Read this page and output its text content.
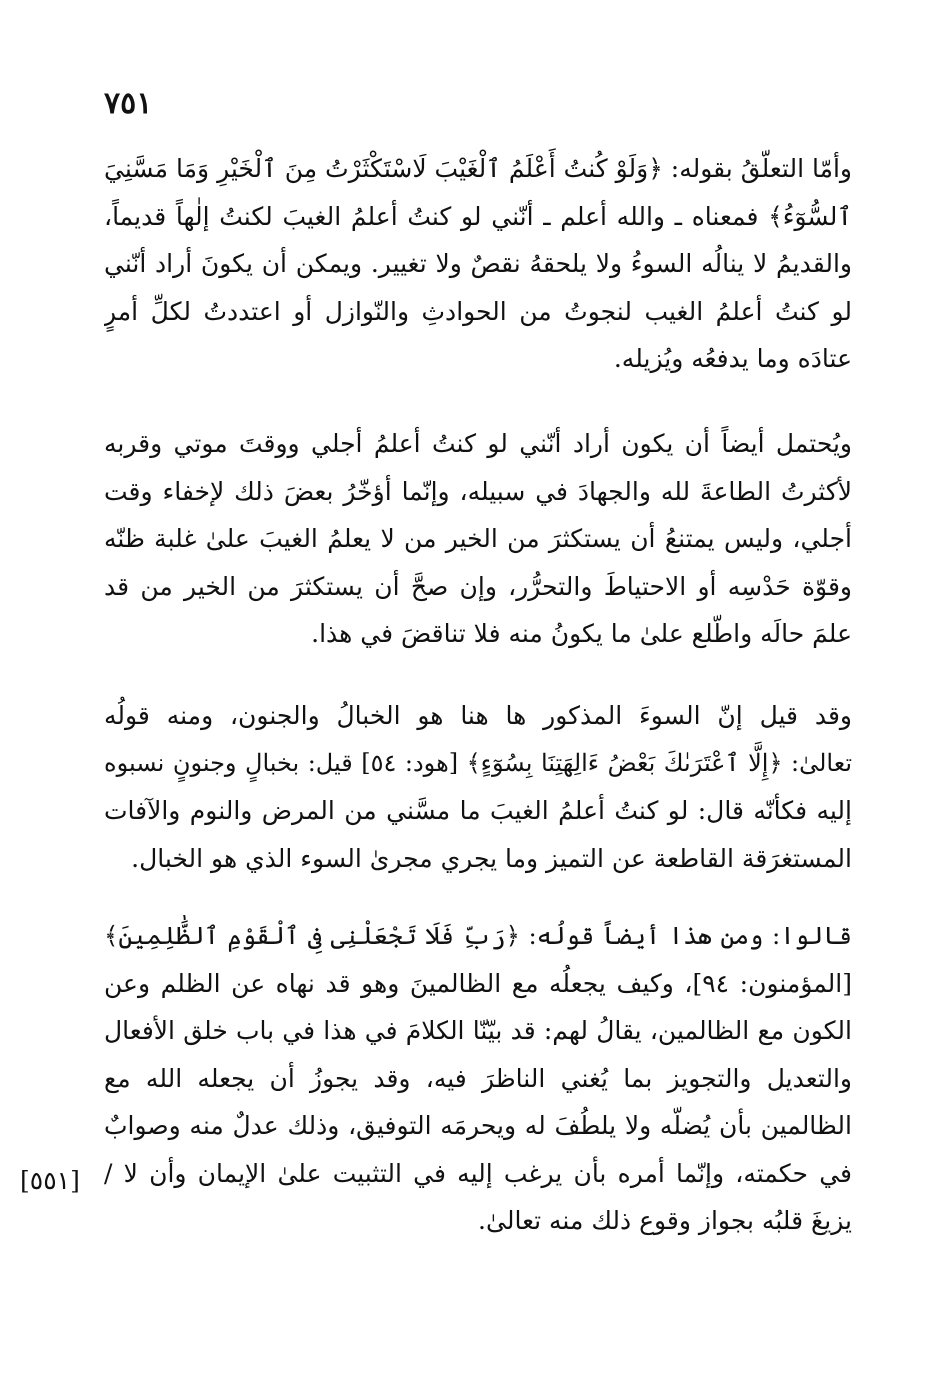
٧٥١
وأمّا التعلّقُ بقوله: ﴿وَلَوْ كُنتُ أَعْلَمُ ٱلْغَيْبَ لَاسْتَكْثَرْتُ مِنَ ٱلْخَيْرِ وَمَا مَسَّنِيَ
ٱلسُّوٓءُ﴾ فمعناه ـ والله أعلم ـ أنّني لو كنتُ أعلمُ الغيبَ لكنتُ إلٰهاً قديماً،
والقديمُ لا ينالُه السوءُ ولا يلحقهُ نقصٌ ولا تغيير. ويمكن أن يكونَ أراد أنّني
لو كنتُ أعلمُ الغيب لنجوتُ من الحوادثِ والنّوازل أو اعتددتُ لكلِّ أمرٍ
عتادَه وما يدفعُه ويُزيله.
ويُحتمل أيضاً أن يكون أراد أنّني لو كنتُ أعلمُ أجلي ووقتَ موتي وقربه
لأكثرتُ الطاعةَ لله والجهادَ في سبيله، وإنّما أؤخّرُ بعضَ ذلك لإخفاء وقت
أجلي، وليس يمتنعُ أن يستكثرَ من الخير من لا يعلمُ الغيبَ علىٰ غلبة ظنّه
وقوّة حَدْسِه أو الاحتياطَ والتحرُّر، وإن صحَّ أن يستكثرَ من الخير من قد
علمَ حالَه واطّلع علىٰ ما يكونُ منه فلا تناقضَ في هذا.
وقد قيل إنّ السوءَ المذكور ها هنا هو الخبالُ والجنون، ومنه قولُه
تعالىٰ: ﴿إِلَّا ٱعْتَرَىٰكَ بَعْضُ ءَالِهَتِنَا بِسُوٓءٍ﴾ [هود: ٥٤] قيل: بخبالٍ وجنونٍ نسبوه
إليه فكأنّه قال: لو كنتُ أعلمُ الغيبَ ما مسَّني من المرض والنوم والآفات
المستغرَقة القاطعة عن التميز وما يجري مجرىٰ السوء الذي هو الخبال.
قالوا: ومن هذا أيضاً قولُه: ﴿رَبِّ فَلَا تَجْعَلْنِى فِى ٱلْقَوْمِ ٱلظَّٰلِمِينَ﴾
[المؤمنون: ٩٤]، وكيف يجعلُه مع الظالمينَ وهو قد نهاه عن الظلم وعن
الكون مع الظالمين، يقالُ لهم: قد بيّنّا الكلامَ في هذا في باب خلق الأفعال
والتعديل والتجويز بما يُغني الناظرَ فيه، وقد يجوزُ أن يجعله الله مع
الظالمين بأن يُضلّه ولا يلطُفَ له ويحرمَه التوفيق، وذلك عدلٌ منه وصوابٌ
في حكمته، وإنّما أمره بأن يرغب إليه في التثبيت علىٰ الإيمان وأن لا /
يزيغَ قلبُه بجواز وقوع ذلك منه تعالىٰ.
[٥٥١]
